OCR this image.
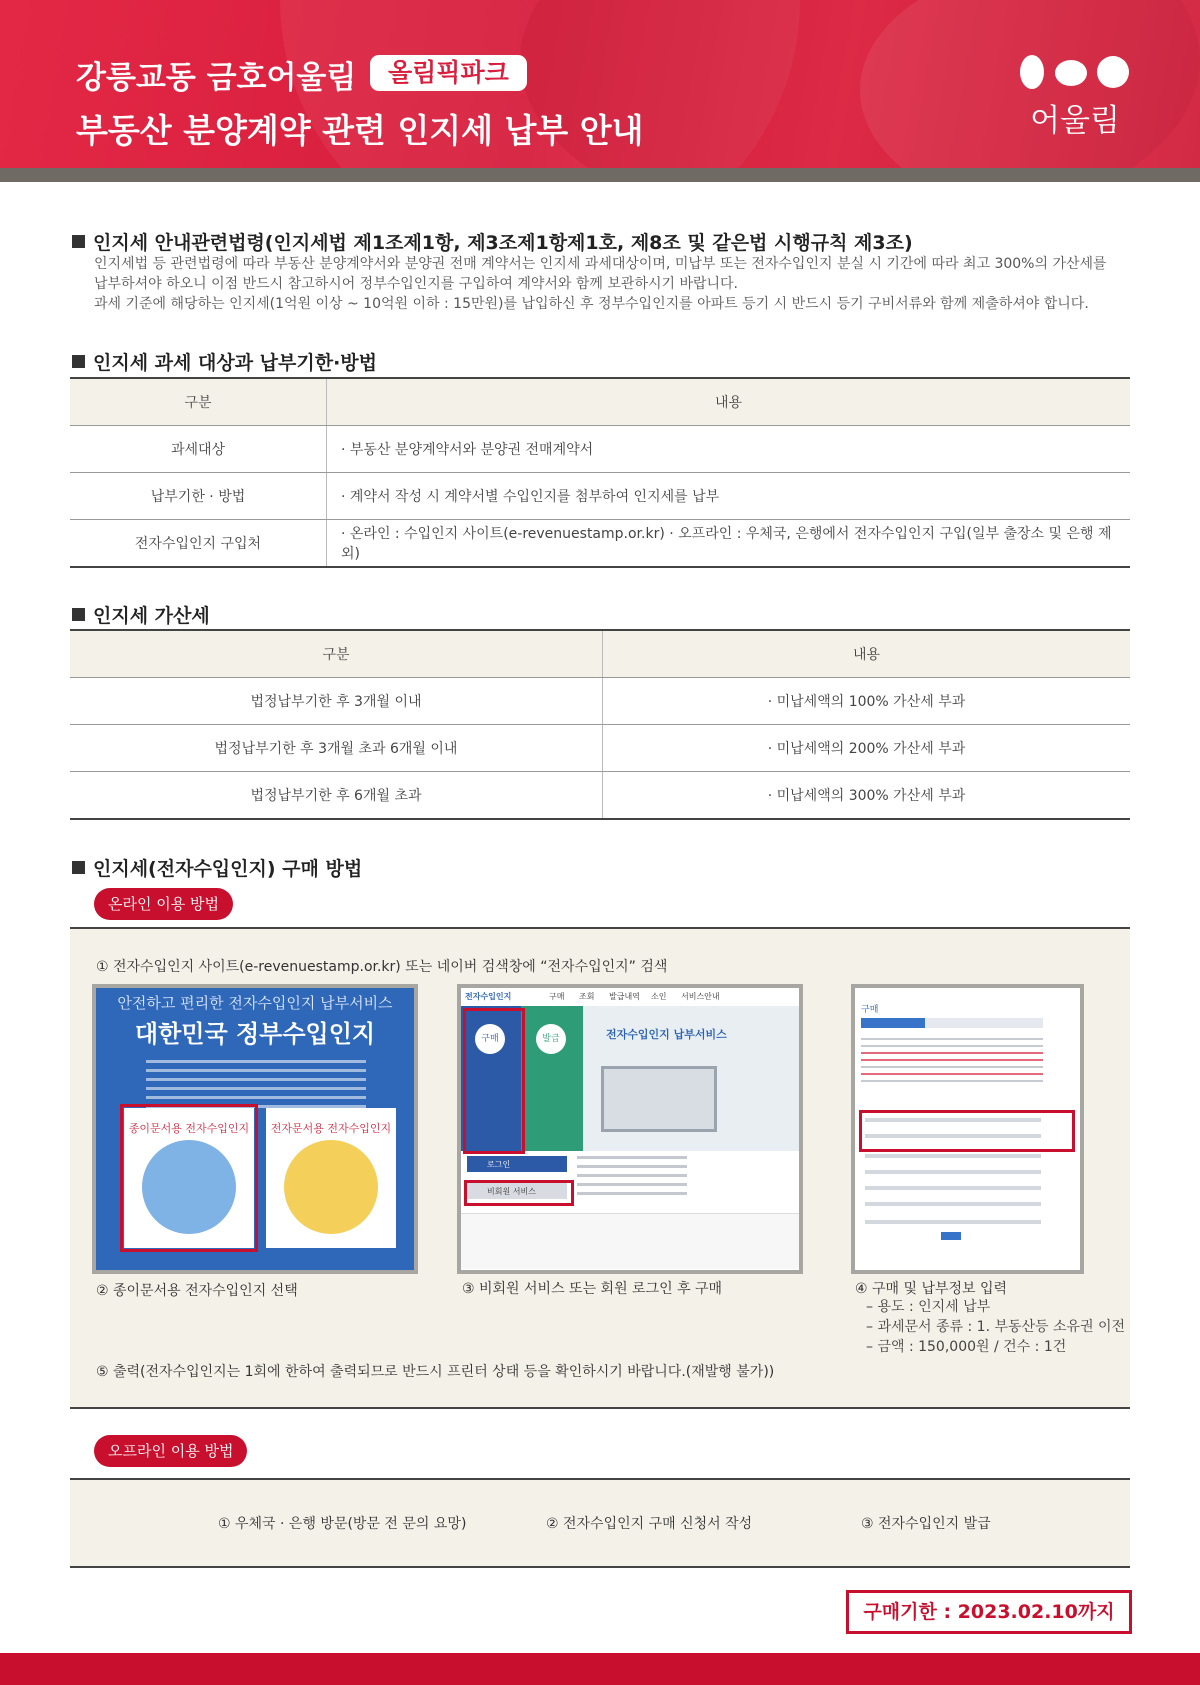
강릉교동 금호어울림	올림픽파크
부동산 분양계약 관련 인지세 납부 안내	어울림
인지세 안내관련법령(인지세법 제1조제1항, 제3조제1항제1호, 제8조 및 같은법 시행규칙 제3조)
인지세법 등 관련법령에 따라 부동산 분양계약서와 분양권 전매 계약서는 인지세 과세대상이며, 미납부 또는 전자수입인지 분실 시 기간에 따라 최고 300%의 가산세를
납부하셔야 하오니 이점 반드시 참고하시어 정부수입인지를 구입하여 계약서와 함께 보관하시기 바랍니다.
과세 기준에 해당하는 인지세(1억원 이상 ~ 10억원 이하 : 15만원)를 납입하신 후 정부수입인지를 아파트 등기 시 반드시 등기 구비서류와 함께 제출하셔야 합니다.
인지세 과세 대상과 납부기한·방법
구분	내용
과세대상	· 부동산 분양계약서와 분양권 전매계약서
납부기한 · 방법	· 계약서 작성 시 계약서별 수입인지를 첨부하여 인지세를 납부
전자수입인지 구입처	· 온라인 : 수입인지 사이트(e-revenuestamp.or.kr) · 오프라인 : 우체국, 은행에서 전자수입인지 구입(일부 출장소 및 은행 제외)
인지세 가산세
구분	내용
법정납부기한 후 3개월 이내	· 미납세액의 100% 가산세 부과
법정납부기한 후 3개월 초과 6개월 이내	· 미납세액의 200% 가산세 부과
법정납부기한 후 6개월 초과	· 미납세액의 300% 가산세 부과
인지세(전자수입인지) 구매 방법
온라인 이용 방법
① 전자수입인지 사이트(e-revenuestamp.or.kr) 또는 네이버 검색창에 “전자수입인지” 검색
안전하고 편리한 전자수입인지 납부서비스
대한민국 정부수입인지
종이문서용 전자수입인지	전자문서용 전자수입인지
② 종이문서용 전자수입인지 선택
전자수입인지	구매 조회 발급내역 소인 서비스안내
전자수입인지 납부서비스
구매	발급
로그인
비회원 서비스
③ 비회원 서비스 또는 회원 로그인 후 구매
구매
④ 구매 및 납부정보 입력
– 용도 : 인지세 납부
– 과세문서 종류 : 1. 부동산등 소유권 이전
– 금액 : 150,000원 / 건수 : 1건
⑤ 출력(전자수입인지는 1회에 한하여 출력되므로 반드시 프린터 상태 등을 확인하시기 바랍니다.(재발행 불가))
오프라인 이용 방법
① 우체국 · 은행 방문(방문 전 문의 요망)	② 전자수입인지 구매 신청서 작성	③ 전자수입인지 발급
구매기한 : 2023.02.10까지
